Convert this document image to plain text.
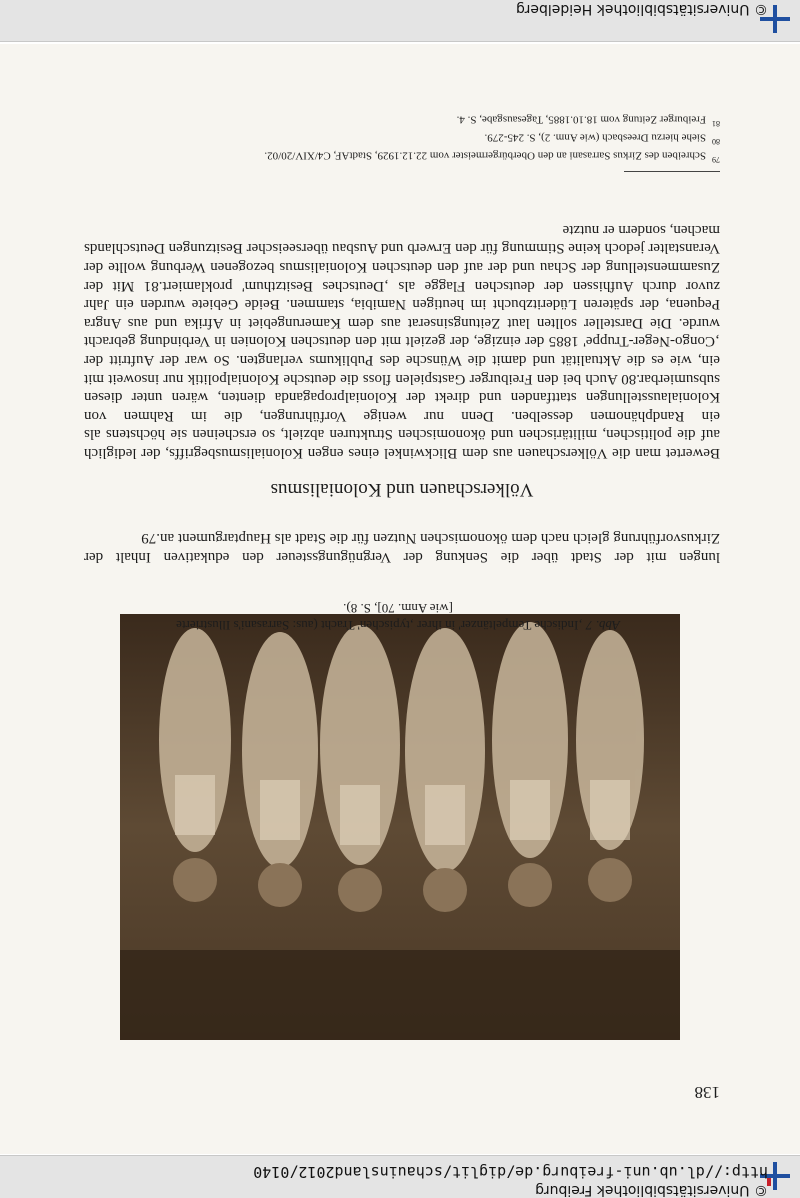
© Universitätsbibliothek Freiburg
http://dl.ub.uni-freiburg.de/diglit/schauinsland2012/0140
138
Abb. 7 ‚Indische Tempeltänzer' in ihrer ‚typischen' Tracht (aus: Sarrasani's Illustrierte
[wie Anm. 70], S. 8).
lungen mit der Stadt über die Senkung der Vergnügungssteuer den edukativen Inhalt der Zirkusvorführung gleich nach dem ökonomischen Nutzen für die Stadt als Hauptargument an.79
Völkerschauen und Kolonialismus
Bewertet man die Völkerschauen aus dem Blickwinkel eines engen Kolonialismusbegriffs, der lediglich auf die politischen, militärischen und ökonomischen Strukturen abzielt, so erscheinen sie höchstens als ein Randphänomen desselben. Denn nur wenige Vorführungen, die im Rahmen von Kolonialausstellungen stattfanden und direkt der Kolonialpropaganda dienten, wären unter diesen subsumierbar.80 Auch bei den Freiburger Gastspielen floss die deutsche Kolonialpolitik nur insoweit mit ein, wie es die Aktualität und damit die Wünsche des Publikums verlangten. So war der Auftritt der ‚Congo-Neger-Truppe' 1885 der einzige, der gezielt mit den deutschen Kolonien in Verbindung gebracht wurde. Die Darsteller sollten laut Zeitungsinserat aus dem Kamerungebiet in Afrika und aus Angra Pequena, der späteren Lüderitzbucht im heutigen Namibia, stammen. Beide Gebiete wurden ein Jahr zuvor durch Aufhissen der deutschen Flagge als ‚Deutsches Besitzthum' proklamiert.81 Mit der Zusammenstellung der Schau und der auf den deutschen Kolonialismus bezogenen Werbung wollte der Veranstalter jedoch keine Stimmung für den Erwerb und Ausbau überseeischer Besitzungen Deutschlands machen, sondern er nutzte
$^{79}$Schreiben des Zirkus Sarrasani an den Oberbürgermeister vom 22.12.1929, StadtAF, C4/XIV/20/02.
$^{80}$Siehe hierzu Dreesbach (wie Anm. 2), S. 245-279.
$^{81}$Freiburger Zeitung vom 18.10.1885, Tagesausgabe, S. 4.
© Universitätsbibliothek Heidelberg
